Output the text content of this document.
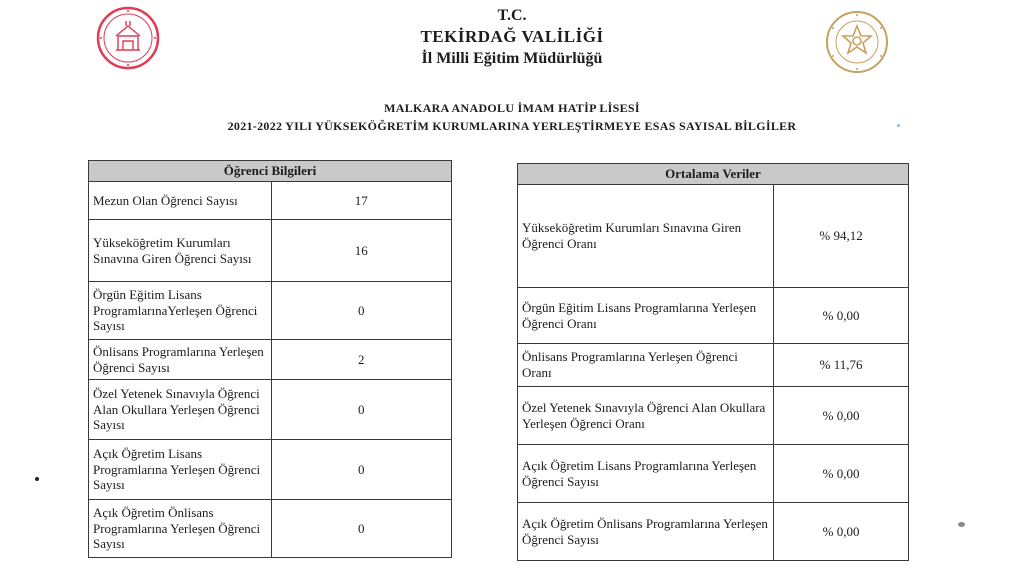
T.C.
TEKİRDAĞ VALİLİĞİ
İl Milli Eğitim Müdürlüğü
MALKARA ANADOLU İMAM HATİP LİSESİ
2021-2022 YILI YÜKSEKÖĞRETİM KURUMLARINA YERLEŞTİRMEYE ESAS SAYISAL BİLGİLER
Öğrenci Bilgileri	
Mezun Olan Öğrenci Sayısı	17
Yükseköğretim Kurumları Sınavına Giren Öğrenci Sayısı	16
Örgün Eğitim Lisans ProgramlarınaYerleşen Öğrenci Sayısı	0
Önlisans Programlarına Yerleşen Öğrenci Sayısı	2
Özel Yetenek Sınavıyla Öğrenci Alan Okullara Yerleşen Öğrenci Sayısı	0
Açık Öğretim Lisans Programlarına Yerleşen Öğrenci Sayısı	0
Açık Öğretim Önlisans Programlarına Yerleşen Öğrenci Sayısı	0
Ortalama Veriler	
Yükseköğretim Kurumları Sınavına Giren Öğrenci Oranı	% 94,12
Örgün Eğitim Lisans Programlarına Yerleşen Öğrenci Oranı	% 0,00
Önlisans Programlarına Yerleşen Öğrenci Oranı	% 11,76
Özel Yetenek Sınavıyla Öğrenci Alan Okullara Yerleşen Öğrenci Oranı	% 0,00
Açık Öğretim Lisans Programlarına Yerleşen Öğrenci Sayısı	% 0,00
Açık Öğretim Önlisans Programlarına Yerleşen Öğrenci Sayısı	% 0,00
